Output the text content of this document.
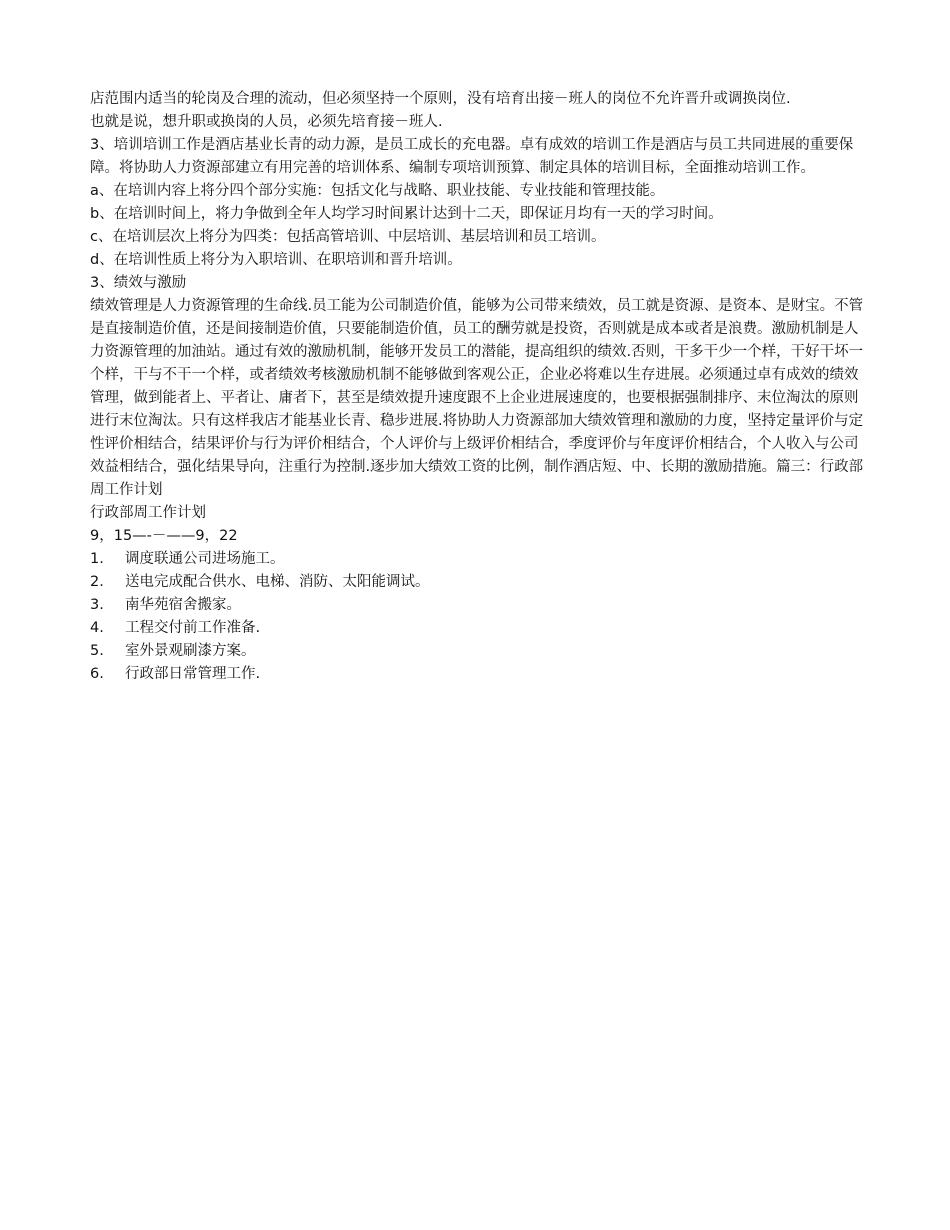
店范围内适当的轮岗及合理的流动，但必须坚持一个原则，没有培育出接－班人的岗位不允许晋升或调换岗位.

也就是说，想升职或换岗的人员，必须先培育接－班人.

3、培训培训工作是酒店基业长青的动力源，是员工成长的充电器。卓有成效的培训工作是酒店与员工共同进展的重要保障。将协助人力资源部建立有用完善的培训体系、编制专项培训预算、制定具体的培训目标，全面推动培训工作。

a、在培训内容上将分四个部分实施：包括文化与战略、职业技能、专业技能和管理技能。

b、在培训时间上，将力争做到全年人均学习时间累计达到十二天，即保证月均有一天的学习时间。

c、在培训层次上将分为四类：包括高管培训、中层培训、基层培训和员工培训。

d、在培训性质上将分为入职培训、在职培训和晋升培训。

3、绩效与激励

绩效管理是人力资源管理的生命线.员工能为公司制造价值，能够为公司带来绩效，员工就是资源、是资本、是财宝。不管是直接制造价值，还是间接制造价值，只要能制造价值，员工的酬劳就是投资，否则就是成本或者是浪费。激励机制是人力资源管理的加油站。通过有效的激励机制，能够开发员工的潜能，提高组织的绩效.否则，干多干少一个样，干好干坏一个样，干与不干一个样，或者绩效考核激励机制不能够做到客观公正，企业必将难以生存进展。必须通过卓有成效的绩效管理，做到能者上、平者让、庸者下，甚至是绩效提升速度跟不上企业进展速度的，也要根据强制排序、末位淘汰的原则进行末位淘汰。只有这样我店才能基业长青、稳步进展.将协助人力资源部加大绩效管理和激励的力度，坚持定量评价与定性评价相结合，结果评价与行为评价相结合，个人评价与上级评价相结合，季度评价与年度评价相结合，个人收入与公司效益相结合，强化结果导向，注重行为控制.逐步加大绩效工资的比例，制作酒店短、中、长期的激励措施。篇三：行政部周工作计划

行政部周工作计划

9，15—-－——9，22

1.	调度联通公司进场施工。
2.	送电完成配合供水、电梯、消防、太阳能调试。
3.	南华苑宿舍搬家。
4.	工程交付前工作准备.
5.	室外景观刷漆方案。
6.	行政部日常管理工作.
